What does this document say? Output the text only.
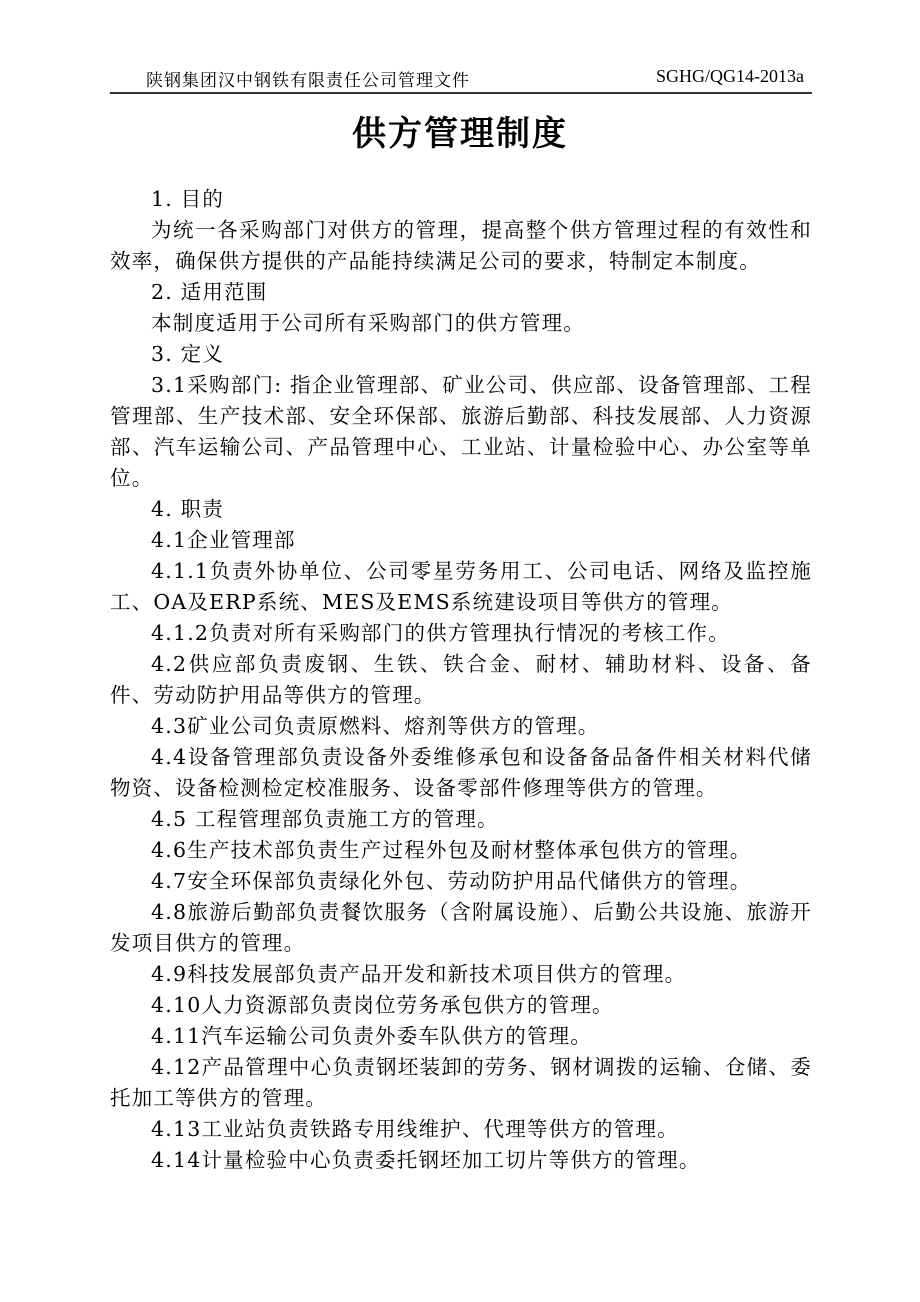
陕钢集团汉中钢铁有限责任公司管理文件	SGHG/QG14-2013a
供方管理制度

1. 目的

为统一各采购部门对供方的管理，提高整个供方管理过程的有效性和效率，确保供方提供的产品能持续满足公司的要求，特制定本制度。

2. 适用范围

本制度适用于公司所有采购部门的供方管理。

3. 定义

3.1采购部门: 指企业管理部、矿业公司、供应部、设备管理部、工程管理部、生产技术部、安全环保部、旅游后勤部、科技发展部、人力资源部、汽车运输公司、产品管理中心、工业站、计量检验中心、办公室等单位。

4. 职责

4.1企业管理部

4.1.1负责外协单位、公司零星劳务用工、公司电话、网络及监控施工、OA及ERP系统、MES及EMS系统建设项目等供方的管理。

4.1.2负责对所有采购部门的供方管理执行情况的考核工作。

4.2供应部负责废钢、生铁、铁合金、耐材、辅助材料、设备、备件、劳动防护用品等供方的管理。

4.3矿业公司负责原燃料、熔剂等供方的管理。

4.4设备管理部负责设备外委维修承包和设备备品备件相关材料代储物资、设备检测检定校准服务、设备零部件修理等供方的管理。

4.5 工程管理部负责施工方的管理。

4.6生产技术部负责生产过程外包及耐材整体承包供方的管理。

4.7安全环保部负责绿化外包、劳动防护用品代储供方的管理。

4.8旅游后勤部负责餐饮服务（含附属设施）、后勤公共设施、旅游开发项目供方的管理。

4.9科技发展部负责产品开发和新技术项目供方的管理。

4.10人力资源部负责岗位劳务承包供方的管理。

4.11汽车运输公司负责外委车队供方的管理。

4.12产品管理中心负责钢坯装卸的劳务、钢材调拨的运输、仓储、委托加工等供方的管理。

4.13工业站负责铁路专用线维护、代理等供方的管理。

4.14计量检验中心负责委托钢坯加工切片等供方的管理。
